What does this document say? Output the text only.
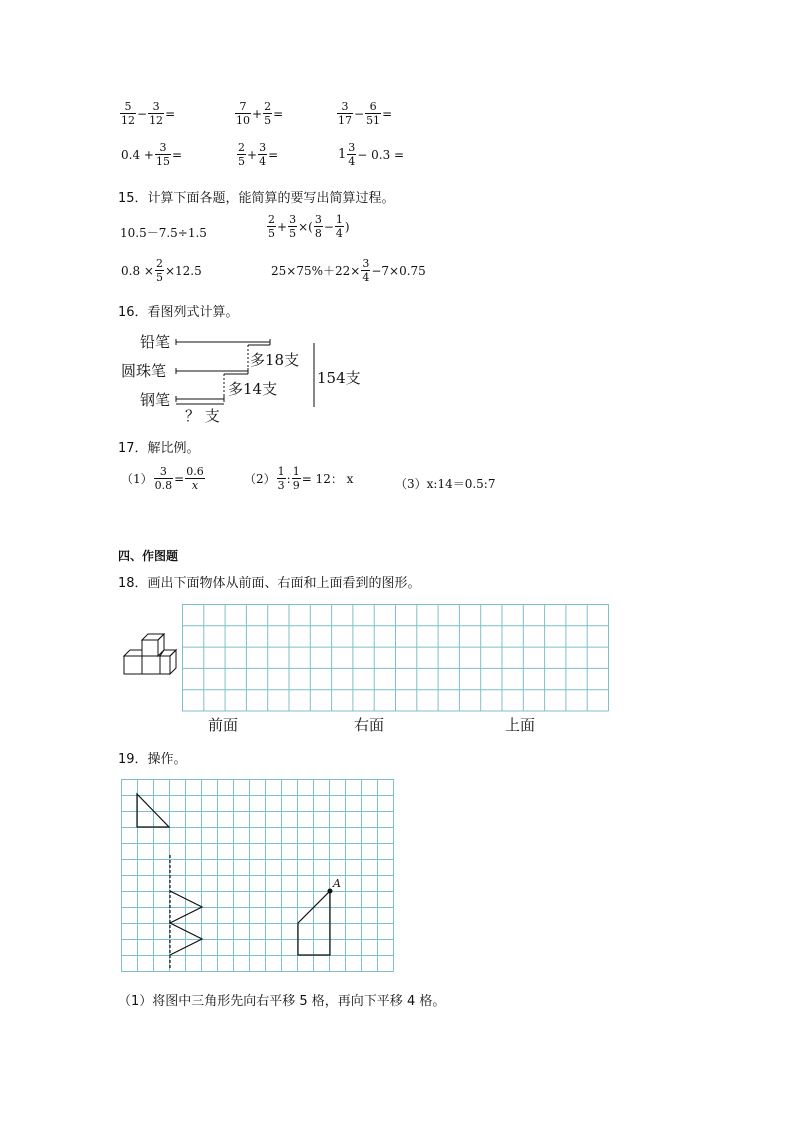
$\frac{5}{12} - \frac{3}{12}$ =	$\frac{7}{10} + \frac{2}{5}$ =	$\frac{3}{17} - \frac{6}{51}$ =
$0.4 + \frac{3}{15}$ =	$\frac{2}{5} + \frac{3}{4}$ =	$1 \frac{3}{4} - 0.3$ =
15．计算下面各题，能简算的要写出简算过程。
10.5－7.5÷1.5	$\frac{2}{5} + \frac{3}{5}$ ×( $\frac{3}{8} - \frac{1}{4}$ )
$0.8 \times \frac{2}{5} \times 12.5$	$25\times 75\%+22\times \frac{3}{4} -7\times 0.75$
16．看图列式计算。
铅笔
圆珠笔
钢笔
多18支
多14支
154支
？ 支
17．解比例。
$(1) \frac{3}{0.8} = \frac{0.6}{x}$	$(2) \frac{1}{3}$ : $\frac{1}{9} = 12$： x	（3）x:14＝0.5:7
四、作图题
18．画出下面物体从前面、右面和上面看到的图形。
前面	右面	上面
19．操作。
A
（1）将图中三角形先向右平移 5 格，再向下平移 4 格。
